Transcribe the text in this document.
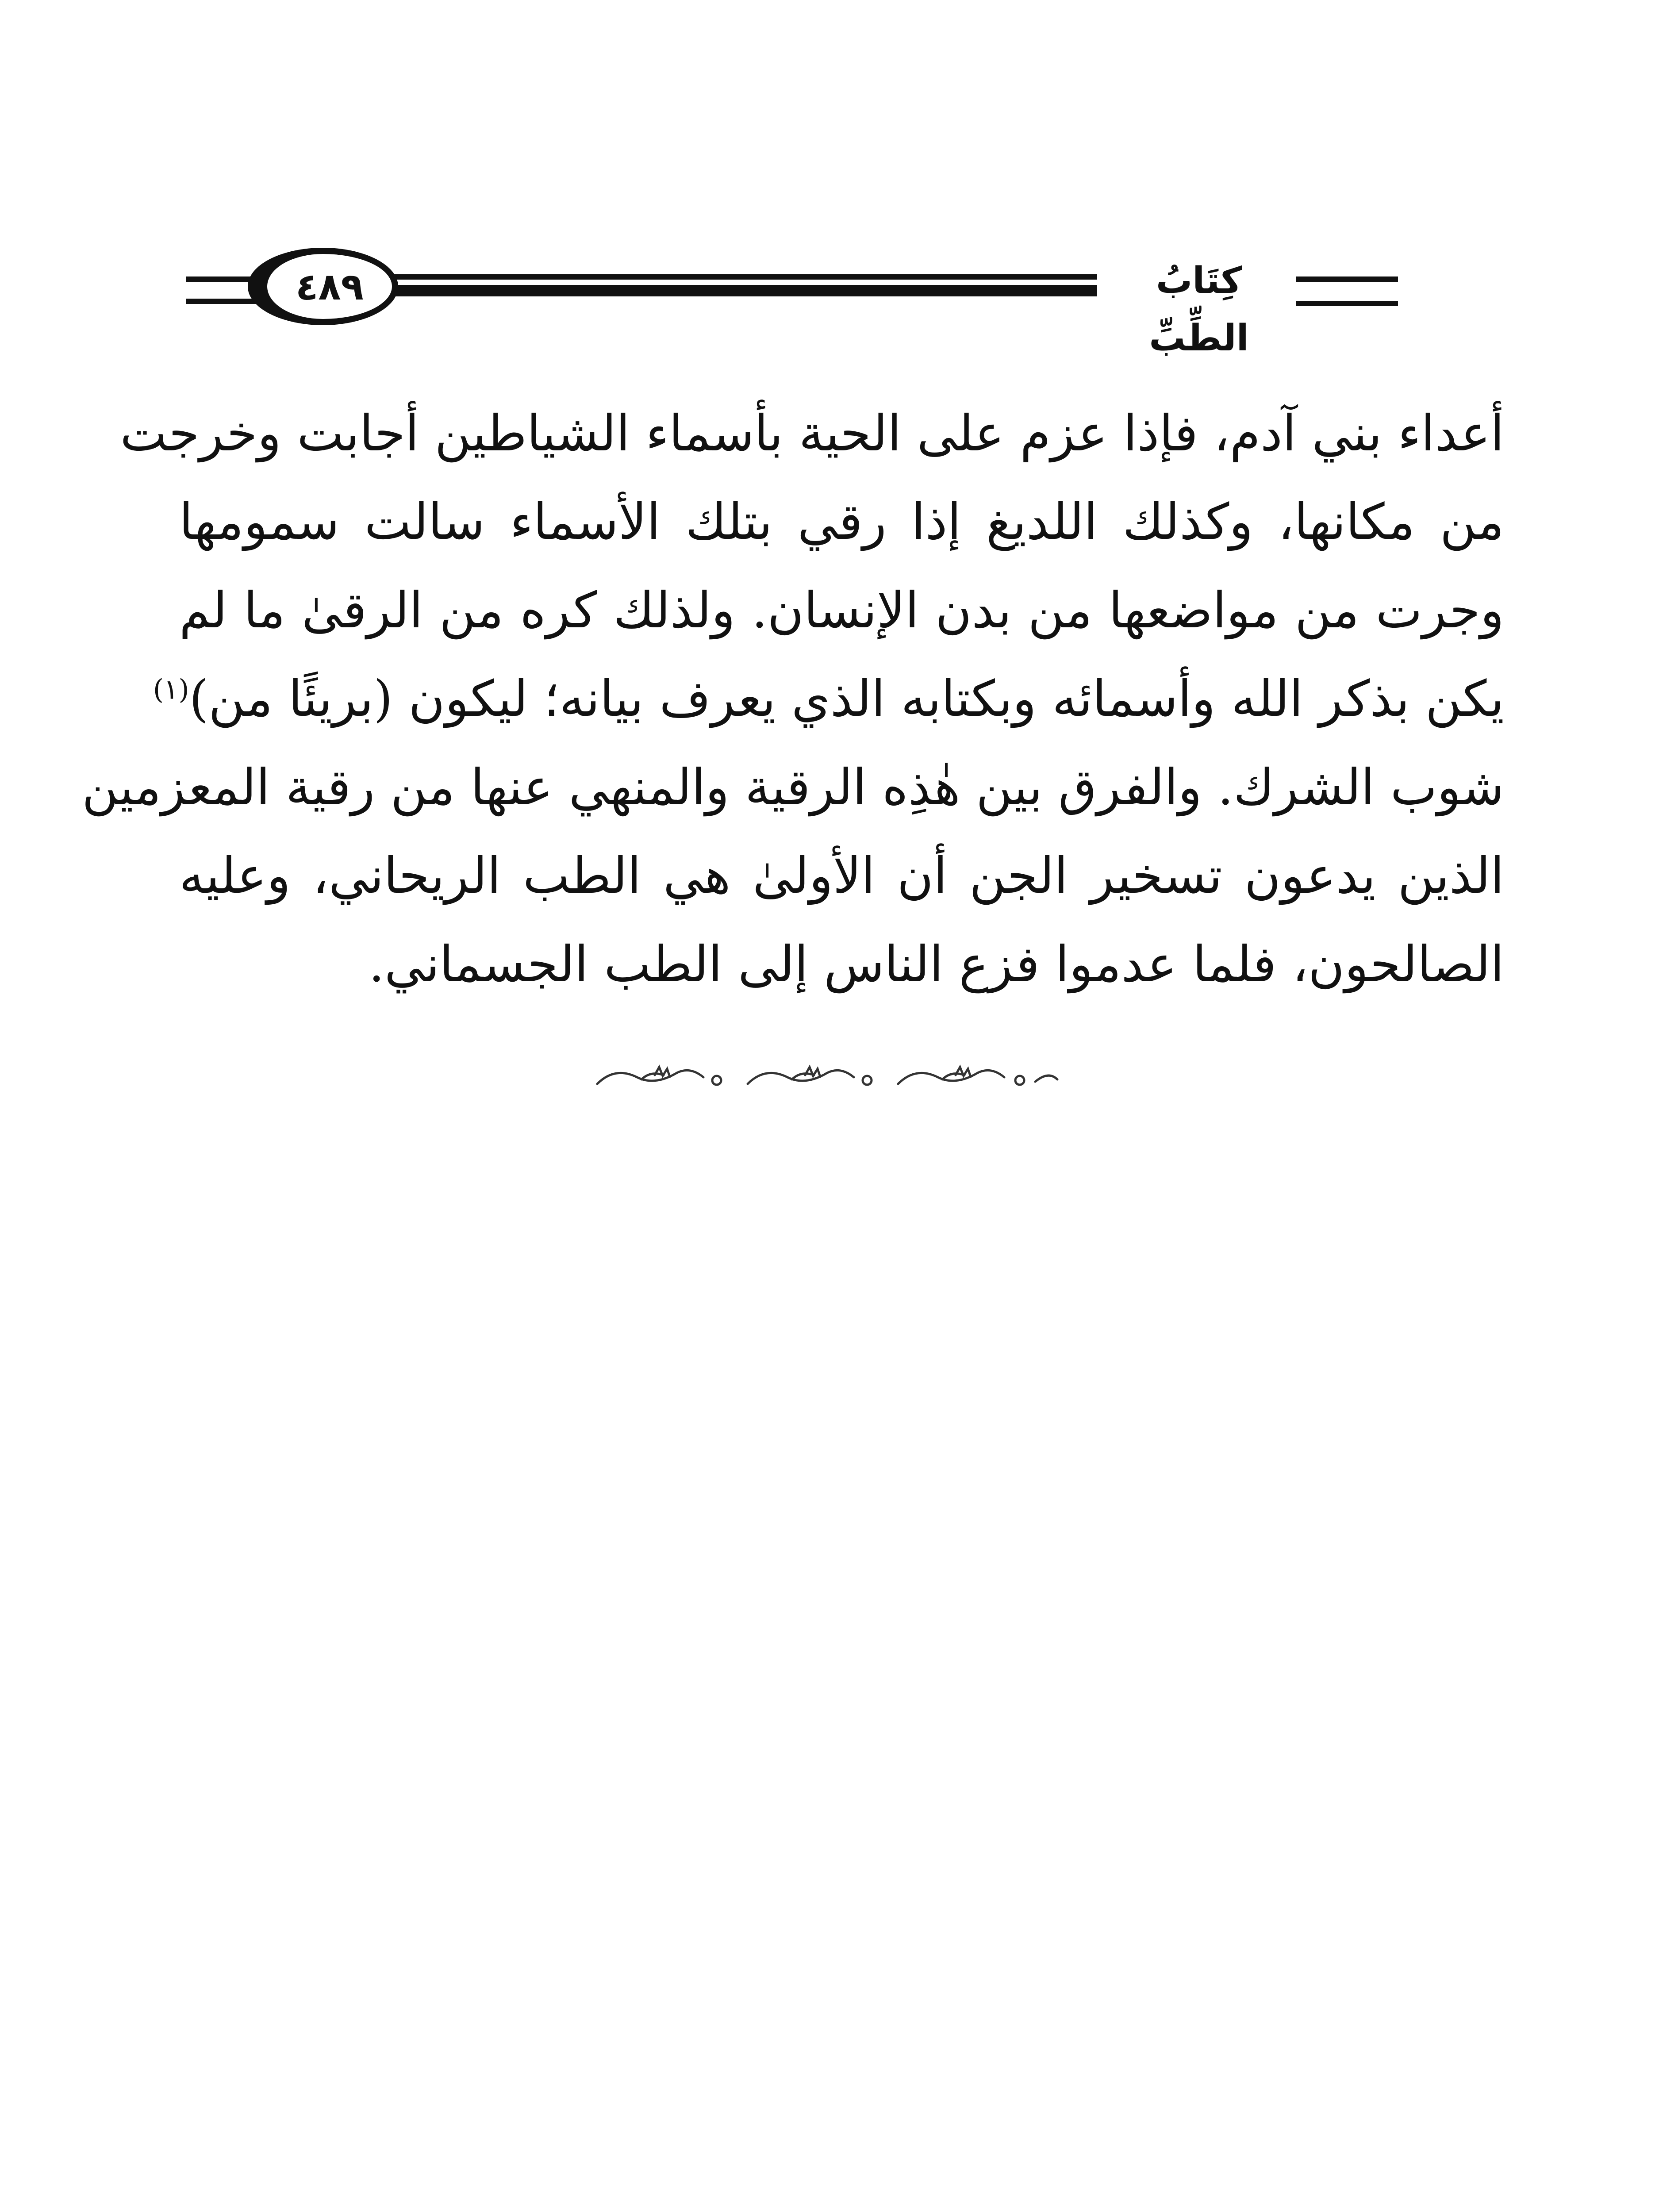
٤٨٩	كِتَابُ الطِّبِّ
أعداء بني آدم، فإذا عزم على الحية بأسماء الشياطين أجابت وخرجت
من مكانها، وكذلك اللديغ إذا رقي بتلك الأسماء سالت سمومها
وجرت من مواضعها من بدن الإنسان. ولذلك كره من الرقىٰ ما لم
يكن بذكر الله وأسمائه وبكتابه الذي يعرف بيانه؛ ليكون (بريئًا من)$^{(١)}$
شوب الشرك. والفرق بين هٰذِه الرقية والمنهي عنها من رقية المعزمين
الذين يدعون تسخير الجن أن الأولىٰ هي الطب الريحاني، وعليه
الصالحون، فلما عدموا فزع الناس إلى الطب الجسماني.
